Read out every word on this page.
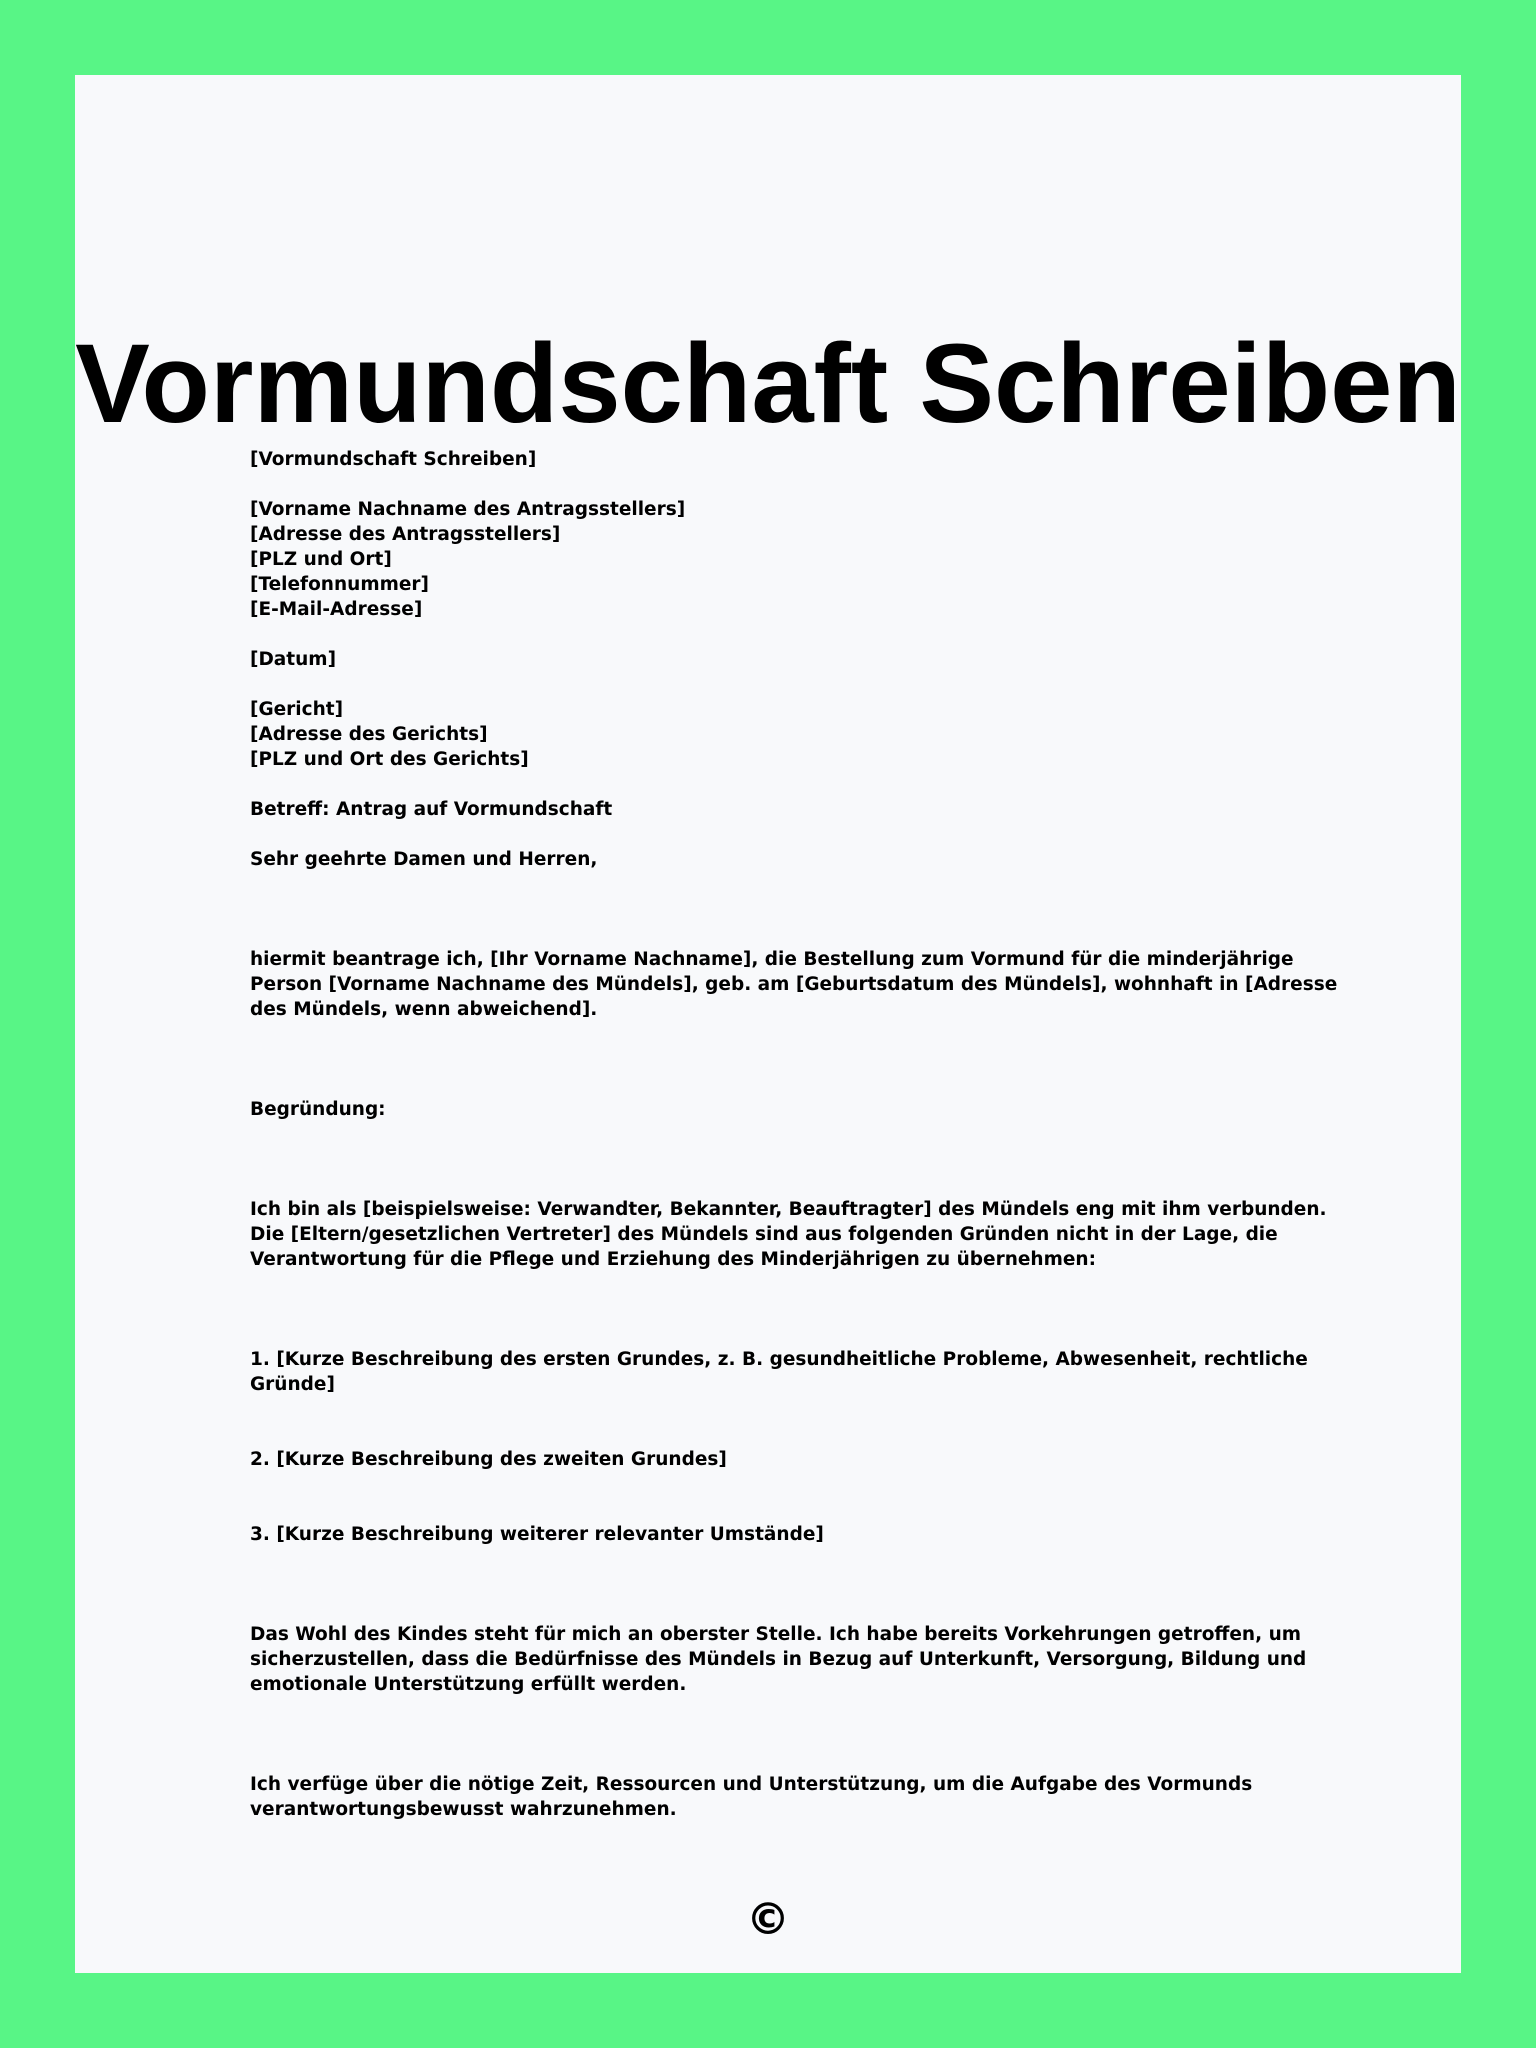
Vormundschaft Schreiben

[Vormundschaft Schreiben]

[Vorname Nachname des Antragsstellers]
[Adresse des Antragsstellers]
[PLZ und Ort]
[Telefonnummer]
[E-Mail-Adresse]

[Datum]

[Gericht]
[Adresse des Gerichts]
[PLZ und Ort des Gerichts]

Betreff: Antrag auf Vormundschaft

Sehr geehrte Damen und Herren,

hiermit beantrage ich, [Ihr Vorname Nachname], die Bestellung zum Vormund für die minderjährige Person [Vorname Nachname des Mündels], geb. am [Geburtsdatum des Mündels], wohnhaft in [Adresse des Mündels, wenn abweichend].

Begründung:

Ich bin als [beispielsweise: Verwandter, Bekannter, Beauftragter] des Mündels eng mit ihm verbunden. Die [Eltern/gesetzlichen Vertreter] des Mündels sind aus folgenden Gründen nicht in der Lage, die Verantwortung für die Pflege und Erziehung des Minderjährigen zu übernehmen:

1. [Kurze Beschreibung des ersten Grundes, z. B. gesundheitliche Probleme, Abwesenheit, rechtliche Gründe]

2. [Kurze Beschreibung des zweiten Grundes]

3. [Kurze Beschreibung weiterer relevanter Umstände]

Das Wohl des Kindes steht für mich an oberster Stelle. Ich habe bereits Vorkehrungen getroffen, um sicherzustellen, dass die Bedürfnisse des Mündels in Bezug auf Unterkunft, Versorgung, Bildung und emotionale Unterstützung erfüllt werden.

Ich verfüge über die nötige Zeit, Ressourcen und Unterstützung, um die Aufgabe des Vormunds verantwortungsbewusst wahrzunehmen.

©
